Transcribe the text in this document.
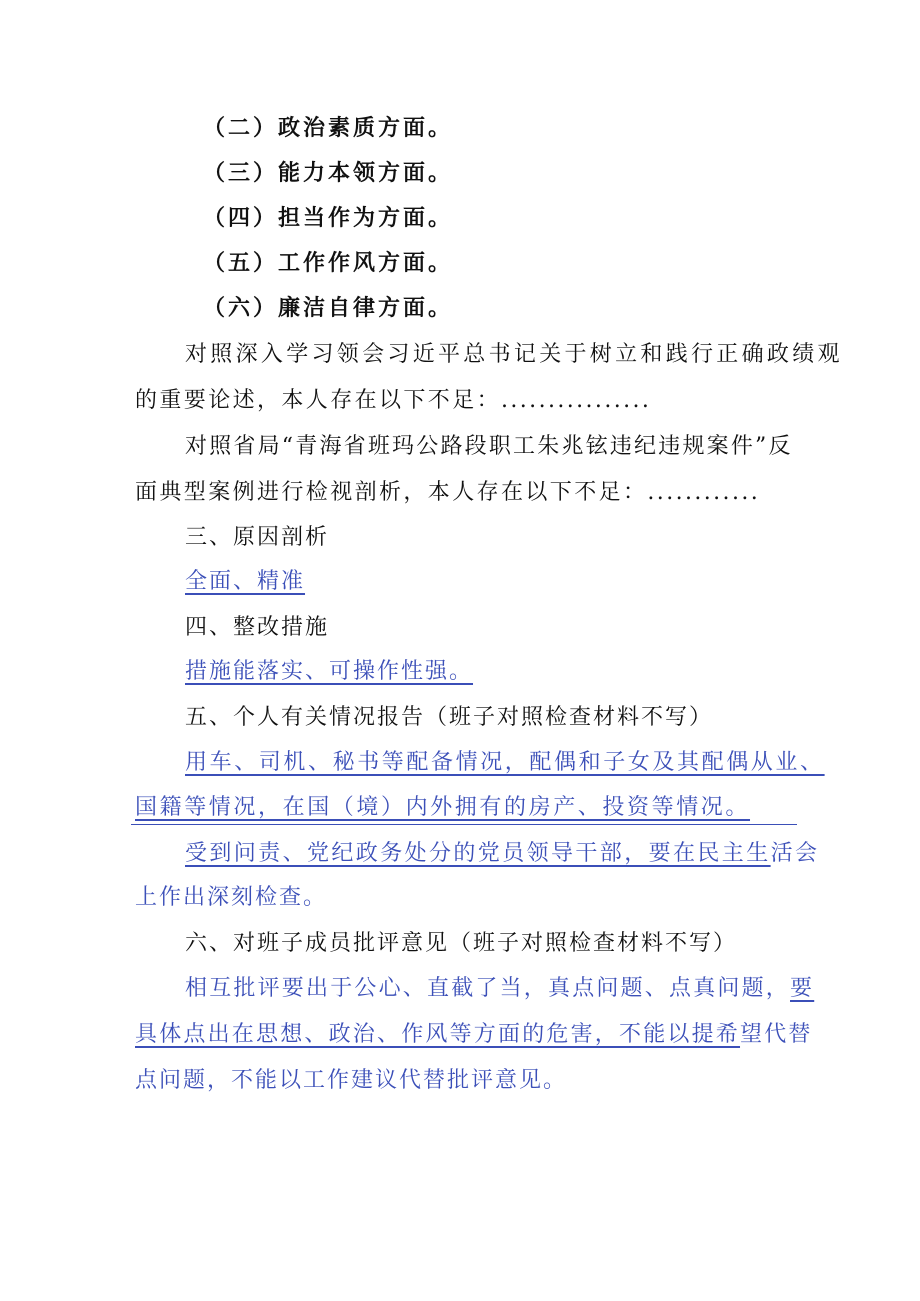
（二）政治素质方面。
（三）能力本领方面。
（四）担当作为方面。
（五）工作作风方面。
（六）廉洁自律方面。
对照深入学习领会习近平总书记关于树立和践行正确政绩观
的重要论述，本人存在以下不足：................
对照省局“青海省班玛公路段职工朱兆铉违纪违规案件”反
面典型案例进行检视剖析，本人存在以下不足：............
三、原因剖析
全面、精准
四、整改措施
措施能落实、可操作性强。
五、个人有关情况报告（班子对照检查材料不写）
用车、司机、秘书等配备情况，配偶和子女及其配偶从业、
国籍等情况，在国（境）内外拥有的房产、投资等情况。
受到问责、党纪政务处分的党员领导干部，要在民主生活会
上作出深刻检查。
六、对班子成员批评意见（班子对照检查材料不写）
相互批评要出于公心、直截了当，真点问题、点真问题，要
具体点出在思想、政治、作风等方面的危害，不能以提希望代替
点问题，不能以工作建议代替批评意见。
